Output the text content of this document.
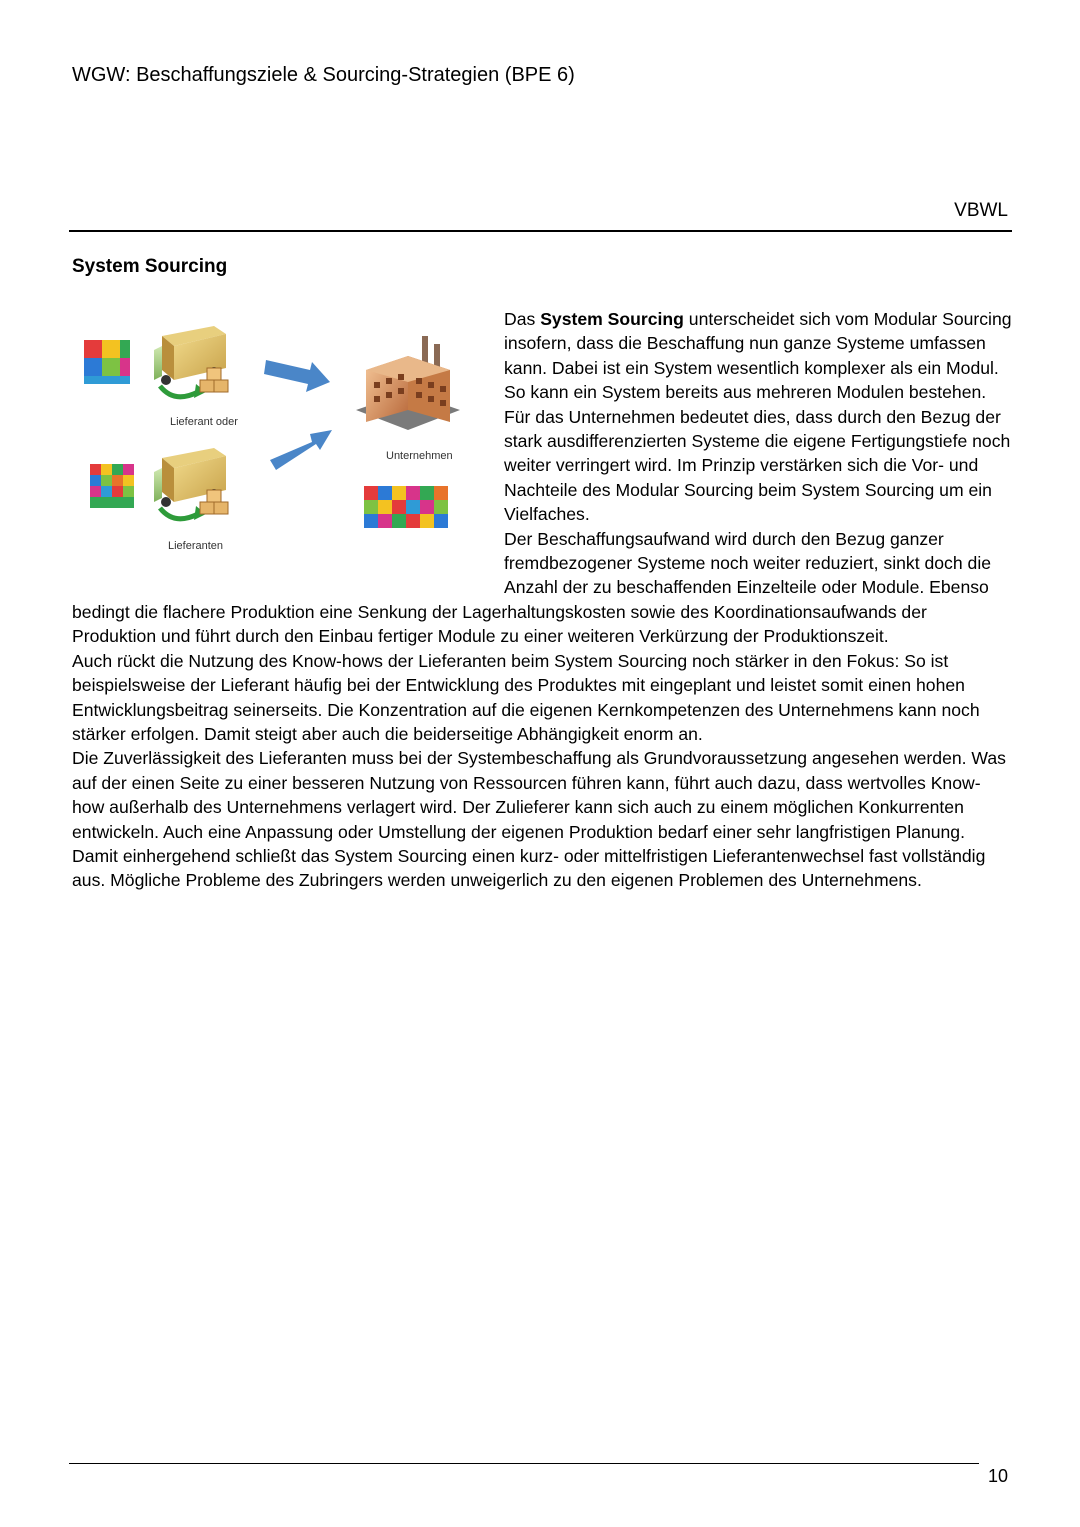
WGW: Beschaffungsziele & Sourcing-Strategien (BPE 6)
VBWL
System Sourcing
Lieferant oder
Lieferanten
Unternehmen

Das System Sourcing unterscheidet sich vom Modular Sourcing insofern, dass die Beschaffung nun ganze Systeme umfassen kann. Dabei ist ein System wesentlich komplexer als ein Modul. So kann ein System bereits aus mehreren Modulen bestehen. Für das Unternehmen bedeutet dies, dass durch den Bezug der stark ausdifferenzierten Systeme die eigene Fertigungstiefe noch weiter verringert wird. Im Prinzip verstärken sich die Vor- und Nachteile des Modular Sourcing beim System Sourcing um ein Vielfaches.

Der Beschaffungsaufwand wird durch den Bezug ganzer fremdbezogener Systeme noch weiter reduziert, sinkt doch die Anzahl der zu beschaffenden Einzelteile oder Module. Ebenso bedingt die flachere Produktion eine Senkung der Lagerhaltungskosten sowie des Koordinationsaufwands der Produktion und führt durch den Einbau fertiger Module zu einer weiteren Verkürzung der Produktionszeit.

Auch rückt die Nutzung des Know-hows der Lieferanten beim System Sourcing noch stärker in den Fokus: So ist beispielsweise der Lieferant häufig bei der Entwicklung des Produktes mit eingeplant und leistet somit einen hohen Entwicklungsbeitrag seinerseits. Die Konzentration auf die eigenen Kernkompetenzen des Unternehmens kann noch stärker erfolgen. Damit steigt aber auch die beiderseitige Abhängigkeit enorm an.

Die Zuverlässigkeit des Lieferanten muss bei der Systembeschaffung als Grundvoraussetzung angesehen werden. Was auf der einen Seite zu einer besseren Nutzung von Ressourcen führen kann, führt auch dazu, dass wertvolles Know-how außerhalb des Unternehmens verlagert wird. Der Zulieferer kann sich auch zu einem möglichen Konkurrenten entwickeln. Auch eine Anpassung oder Umstellung der eigenen Produktion bedarf einer sehr langfristigen Planung. Damit einhergehend schließt das System Sourcing einen kurz- oder mittelfristigen Lieferantenwechsel fast vollständig aus. Mögliche Probleme des Zubringers werden unweigerlich zu den eigenen Problemen des Unternehmens.

10
